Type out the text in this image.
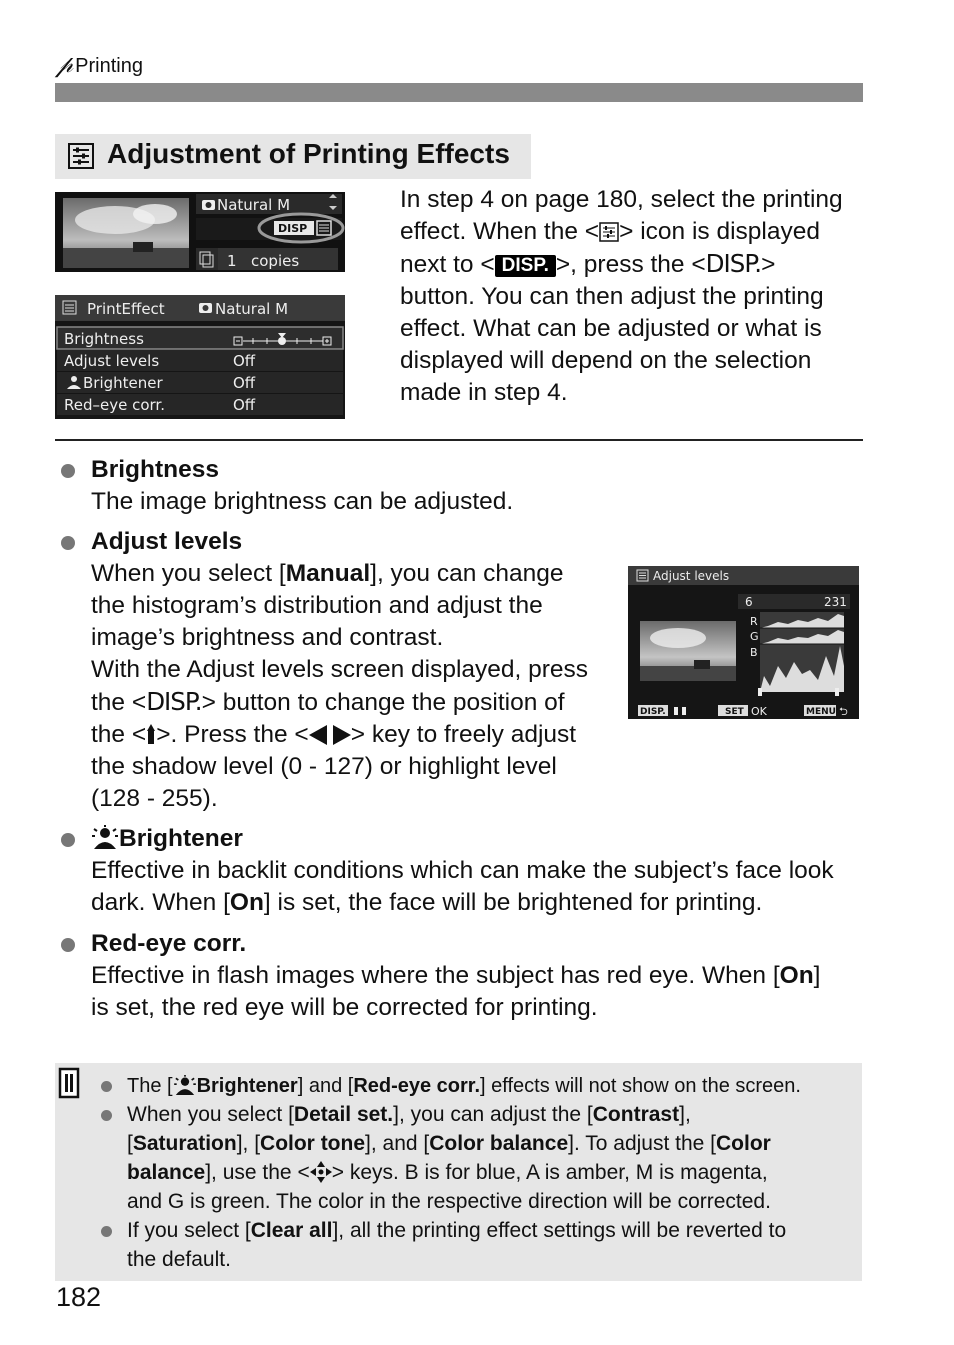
𝓅 Printing
Adjustment of Printing Effects
Natural M
DISP
1 copies
PrintEffect	Natural M
Brightness
Adjust levels	Off
Brightener	Off
Red–eye corr.	Off
In step 4 on page 180, select the printing
effect. When the < > icon is displayed
next to < DISP. >, press the <DISP.>
button. You can then adjust the printing
effect. What can be adjusted or what is
displayed will depend on the selection
made in step 4.
Brightness
The image brightness can be adjusted.
Adjust levels
When you select [Manual], you can change
the histogram’s distribution and adjust the
image’s brightness and contrast.
With the Adjust levels screen displayed, press
the <DISP.> button to change the position of
the < >. Press the < > key to freely adjust
the shadow level (0 - 127) or highlight level
(128 - 255).
Adjust levels
6	231
R
G
B
DISP.	SET OK	MENU ⮌
Brightener
Effective in backlit conditions which can make the subject’s face look
dark. When [On] is set, the face will be brightened for printing.
Red-eye corr.
Effective in flash images where the subject has red eye. When [On]
is set, the red eye will be corrected for printing.
The [ Brightener] and [Red-eye corr.] effects will not show on the screen.
When you select [Detail set.], you can adjust the [Contrast],
[Saturation], [Color tone], and [Color balance]. To adjust the [Color
balance], use the < > keys. B is for blue, A is amber, M is magenta,
and G is green. The color in the respective direction will be corrected.
If you select [Clear all], all the printing effect settings will be reverted to
the default.
182
